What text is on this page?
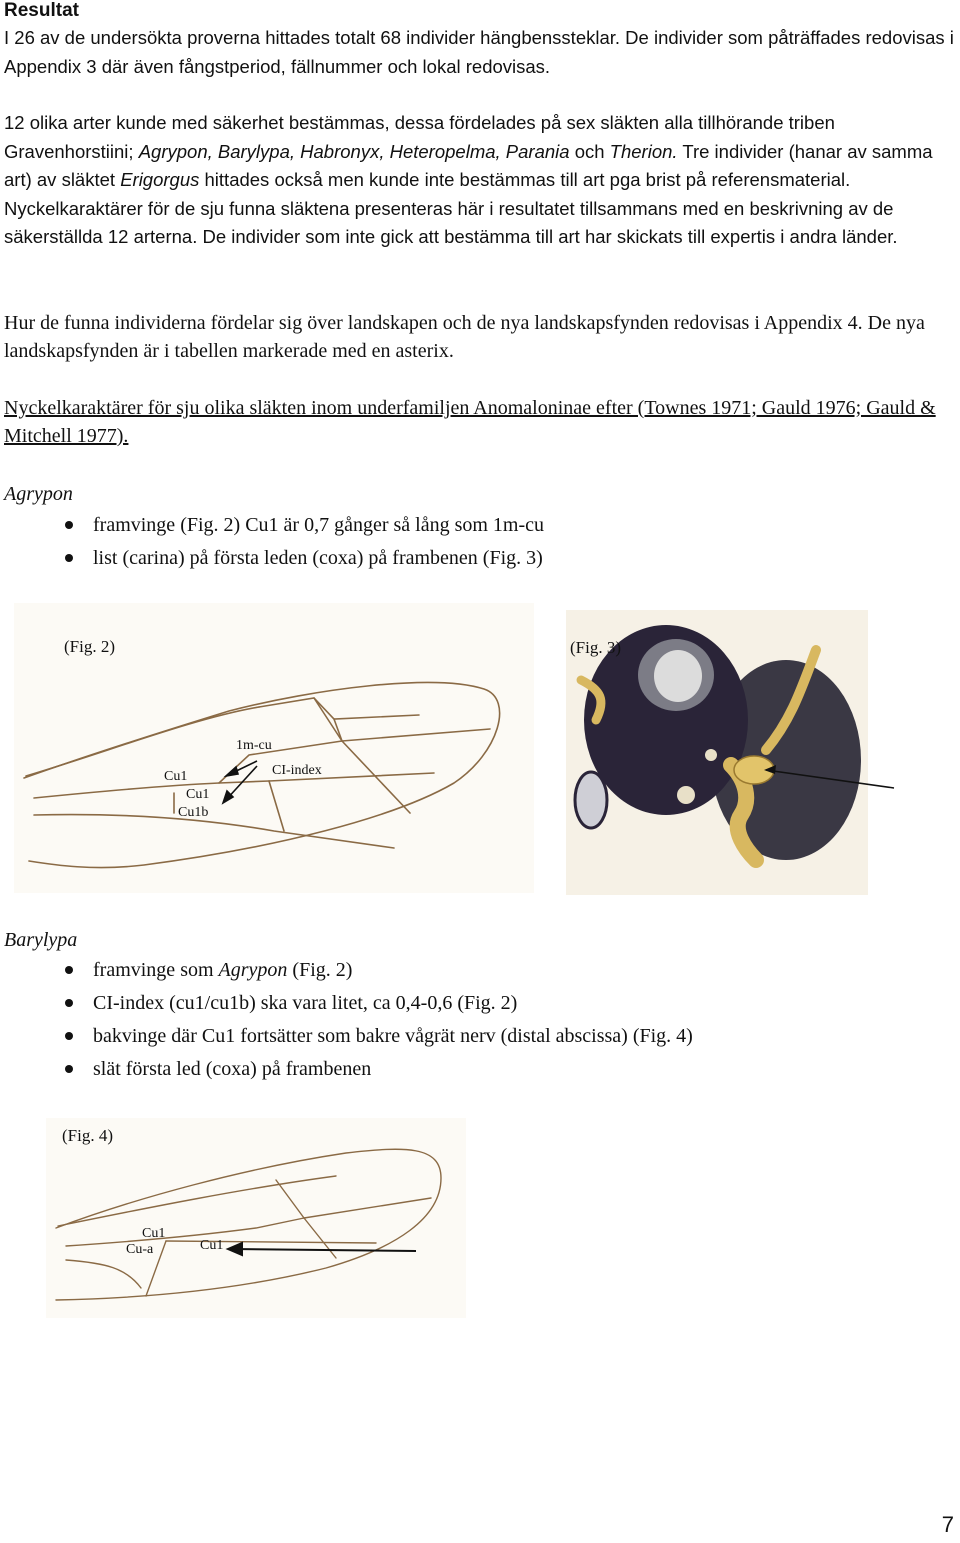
Resultat

I 26 av de undersökta proverna hittades totalt 68 individer hängbenssteklar. De individer som påträffades redovisas i Appendix 3 där även fångstperiod, fällnummer och lokal redovisas.

12 olika arter kunde med säkerhet bestämmas, dessa fördelades på sex släkten alla tillhörande triben Gravenhorstiini; Agrypon, Barylypa, Habronyx, Heteropelma, Parania och Therion. Tre individer (hanar av samma art) av släktet Erigorgus hittades också men kunde inte bestämmas till art pga brist på referensmaterial. Nyckelkaraktärer för de sju funna släktena presenteras här i resultatet tillsammans med en beskrivning av de säkerställda 12 arterna. De individer som inte gick att bestämma till art har skickats till expertis i andra länder.

Hur de funna individerna fördelar sig över landskapen och de nya landskapsfynden redovisas i Appendix 4. De nya landskapsfynden är i tabellen markerade med en asterix.

Nyckelkaraktärer för sju olika släkten inom underfamiljen Anomaloninae efter (Townes 1971; Gauld 1976; Gauld & Mitchell 1977).

Agrypon

framvinge (Fig. 2) Cu1 är 0,7 gånger så lång som 1m-cu
list (carina) på första leden (coxa) på frambenen (Fig. 3)
(Fig. 2)
1m-cu
Cu1	CI-index
Cu1
Cu1b
(Fig. 3)

Barylypa

framvinge som Agrypon (Fig. 2)
CI-index (cu1/cu1b) ska vara litet, ca 0,4-0,6 (Fig. 2)
bakvinge där Cu1 fortsätter som bakre vågrät nerv (distal abscissa) (Fig. 4)
slät första led (coxa) på frambenen
(Fig. 4)
Cu1
Cu-a	Cu1
7
